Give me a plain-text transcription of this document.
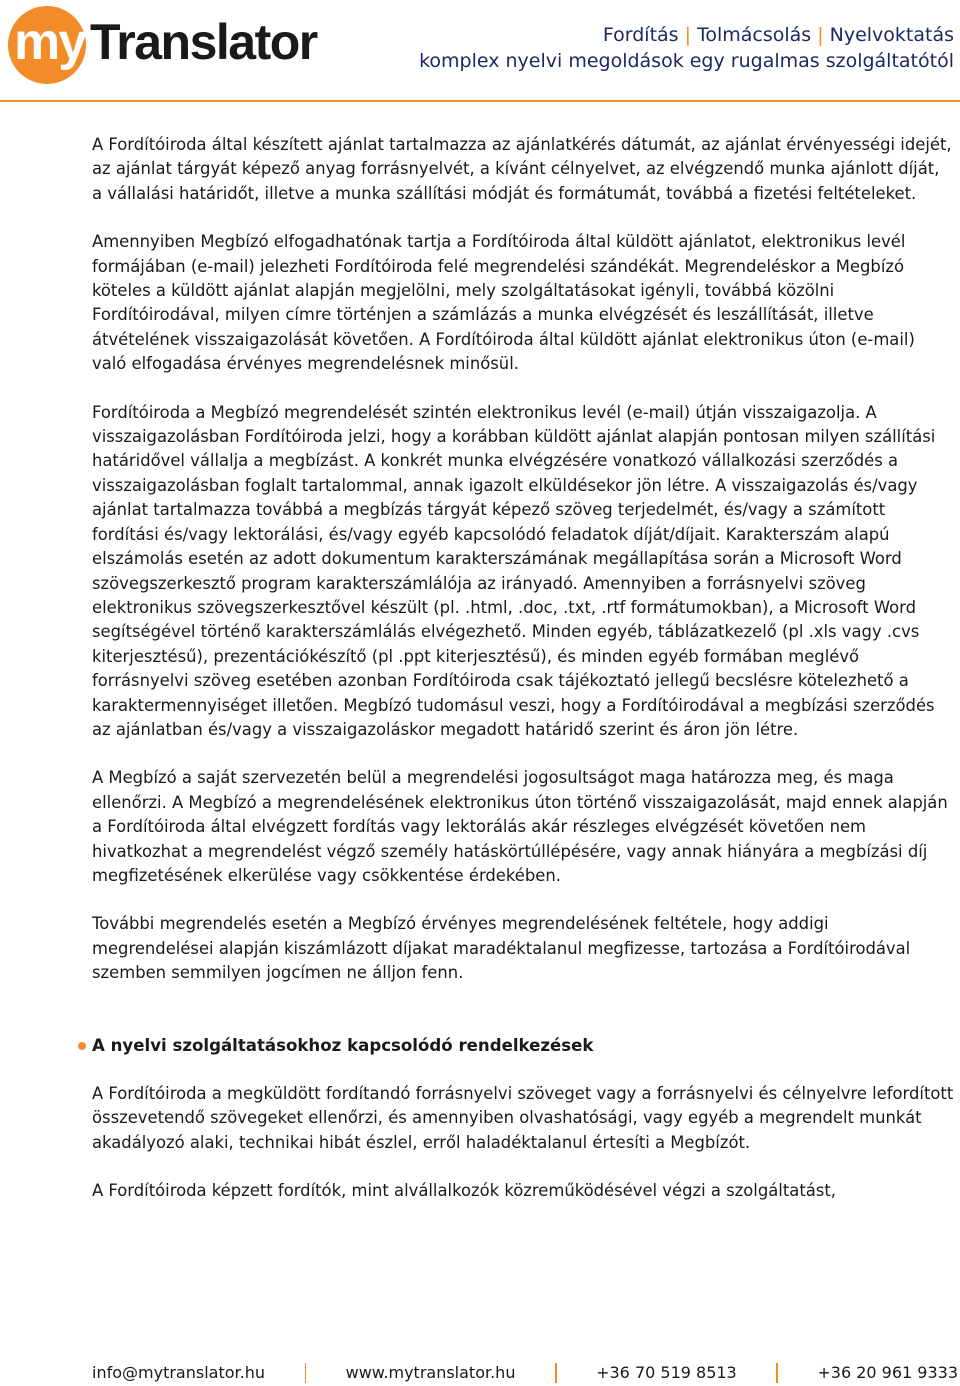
my Translator	Fordítás | Tolmácsolás | Nyelvoktatás
komplex nyelvi megoldások egy rugalmas szolgáltatótól

A Fordítóiroda által készített ajánlat tartalmazza az ajánlatkérés dátumát, az ajánlat érvényességi idejét, az ajánlat tárgyát képező anyag forrásnyelvét, a kívánt célnyelvet, az elvégzendő munka ajánlott díját, a vállalási határidőt, illetve a munka szállítási módját és formátumát, továbbá a fizetési feltételeket.

Amennyiben Megbízó elfogadhatónak tartja a Fordítóiroda által küldött ajánlatot, elektronikus levél formájában (e-mail) jelezheti Fordítóiroda felé megrendelési szándékát. Megrendeléskor a Megbízó köteles a küldött ajánlat alapján megjelölni, mely szolgáltatásokat igényli, továbbá közölni Fordítóirodával, milyen címre történjen a számlázás a munka elvégzését és leszállítását, illetve átvételének visszaigazolását követően. A Fordítóiroda által küldött ajánlat elektronikus úton (e-mail) való elfogadása érvényes megrendelésnek minősül.

Fordítóiroda a Megbízó megrendelését szintén elektronikus levél (e-mail) útján visszaigazolja. A visszaigazolásban Fordítóiroda jelzi, hogy a korábban küldött ajánlat alapján pontosan milyen szállítási határidővel vállalja a megbízást. A konkrét munka elvégzésére vonatkozó vállalkozási szerződés a visszaigazolásban foglalt tartalommal, annak igazolt elküldésekor jön létre. A visszaigazolás és/vagy ajánlat tartalmazza továbbá a megbízás tárgyát képező szöveg terjedelmét, és/vagy a számított fordítási és/vagy lektorálási, és/vagy egyéb kapcsolódó feladatok díját/díjait. Karakterszám alapú elszámolás esetén az adott dokumentum karakterszámának megállapítása során a Microsoft Word szövegszerkesztő program karakterszámlálója az irányadó. Amennyiben a forrásnyelvi szöveg elektronikus szövegszerkesztővel készült (pl. .html, .doc, .txt, .rtf formátumokban), a Microsoft Word segítségével történő karakterszámlálás elvégezhető. Minden egyéb, táblázatkezelő (pl .xls vagy .cvs kiterjesztésű), prezentációkészítő (pl .ppt kiterjesztésű), és minden egyéb formában meglévő forrásnyelvi szöveg esetében azonban Fordítóiroda csak tájékoztató jellegű becslésre kötelezhető a karaktermennyiséget illetően. Megbízó tudomásul veszi, hogy a Fordítóirodával a megbízási szerződés az ajánlatban és/vagy a visszaigazoláskor megadott határidő szerint és áron jön létre.

A Megbízó a saját szervezetén belül a megrendelési jogosultságot maga határozza meg, és maga ellenőrzi. A Megbízó a megrendelésének elektronikus úton történő visszaigazolását, majd ennek alapján a Fordítóiroda által elvégzett fordítás vagy lektorálás akár részleges elvégzését követően nem hivatkozhat a megrendelést végző személy hatáskörtúllépésére, vagy annak hiányára a megbízási díj megfizetésének elkerülése vagy csökkentése érdekében.

További megrendelés esetén a Megbízó érvényes megrendelésének feltétele, hogy addigi megrendelései alapján kiszámlázott díjakat maradéktalanul megfizesse, tartozása a Fordítóirodával szemben semmilyen jogcímen ne álljon fenn.

A nyelvi szolgáltatásokhoz kapcsolódó rendelkezések

A Fordítóiroda a megküldött fordítandó forrásnyelvi szöveget vagy a forrásnyelvi és célnyelvre lefordított összevetendő szövegeket ellenőrzi, és amennyiben olvashatósági, vagy egyéb a megrendelt munkát akadályozó alaki, technikai hibát észlel, erről haladéktalanul értesíti a Megbízót.

A Fordítóiroda képzett fordítók, mint alvállalkozók közreműködésével végzi a szolgáltatást,

info@mytranslator.hu	www.mytranslator.hu	+36 70 519 8513	+36 20 961 9333
